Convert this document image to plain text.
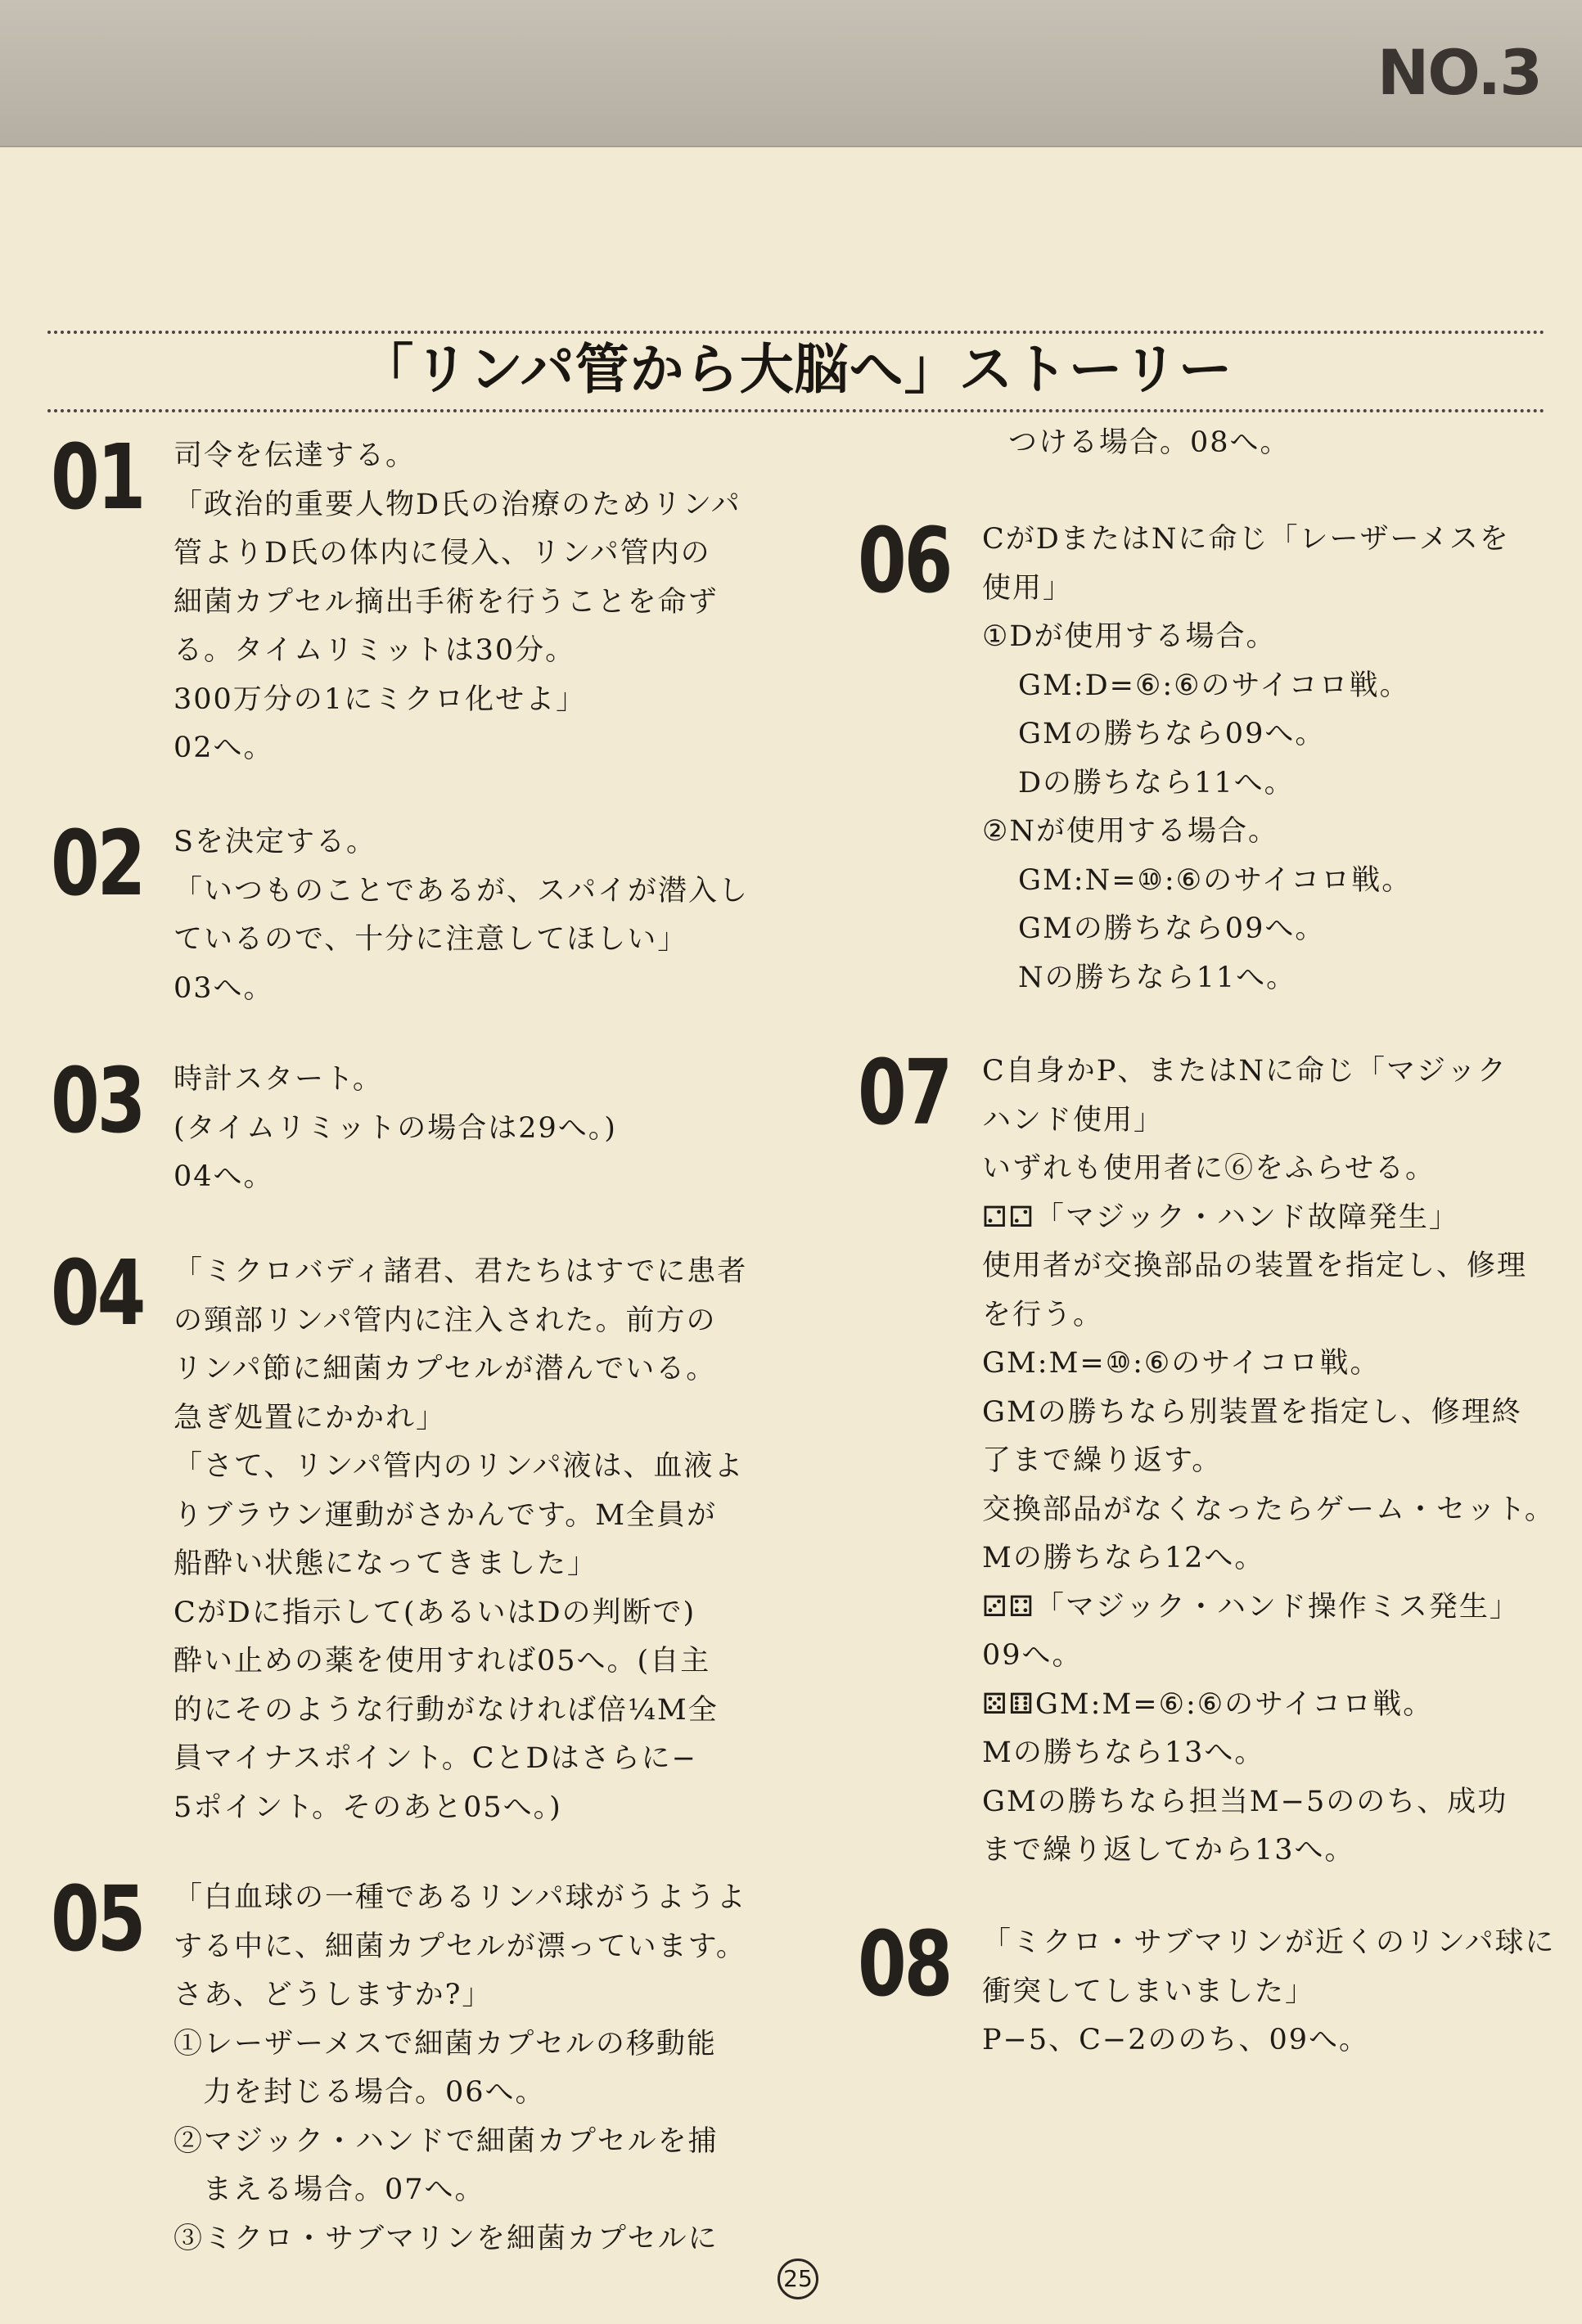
NO.3
「リンパ管から大脳へ」ストーリー
01 司令を伝達する。
「政治的重要人物D氏の治療のためリンパ
管よりD氏の体内に侵入、リンパ管内の
細菌カプセル摘出手術を行うことを命ず
る。タイムリミットは30分。
300万分の1にミクロ化せよ」
02へ。
02 Sを決定する。
「いつものことであるが、スパイが潜入し
ているので、十分に注意してほしい」
03へ。
03 時計スタート。
(タイムリミットの場合は29へ。)
04へ。
04 「ミクロバディ諸君、君たちはすでに患者
の頸部リンパ管内に注入された。前方の
リンパ節に細菌カプセルが潜んでいる。
急ぎ処置にかかれ」
「さて、リンパ管内のリンパ液は、血液よ
りブラウン運動がさかんです。M全員が
船酔い状態になってきました」
CがDに指示して(あるいはDの判断で)
酔い止めの薬を使用すれば05へ。(自主
的にそのような行動がなければ倍¼M全
員マイナスポイント。CとDはさらに−
5ポイント。そのあと05へ。)
05 「白血球の一種であるリンパ球がうようよ
する中に、細菌カプセルが漂っています。
さあ、どうしますか?」
①レーザーメスで細菌カプセルの移動能
力を封じる場合。06へ。
②マジック・ハンドで細菌カプセルを捕
まえる場合。07へ。
③ミクロ・サブマリンを細菌カプセルに
つける場合。08へ。
06 CがDまたはNに命じ「レーザーメスを
使用」
①Dが使用する場合。
GM:D=⑥:⑥のサイコロ戦。
GMの勝ちなら09へ。
Dの勝ちなら11へ。
②Nが使用する場合。
GM:N=⑩:⑥のサイコロ戦。
GMの勝ちなら09へ。
Nの勝ちなら11へ。
07 C自身かP、またはNに命じ「マジック
ハンド使用」
いずれも使用者に⑥をふらせる。
⚁⚁「マジック・ハンド故障発生」
使用者が交換部品の装置を指定し、修理
を行う。
GM:M=⑩:⑥のサイコロ戦。
GMの勝ちなら別装置を指定し、修理終
了まで繰り返す。
交換部品がなくなったらゲーム・セット。
Mの勝ちなら12へ。
⚂⚃「マジック・ハンド操作ミス発生」
09へ。
⚄⚅GM:M=⑥:⑥のサイコロ戦。
Mの勝ちなら13へ。
GMの勝ちなら担当M−5ののち、成功
まで繰り返してから13へ。
08 「ミクロ・サブマリンが近くのリンパ球に
衝突してしまいました」
P−5、C−2ののち、09へ。
25
